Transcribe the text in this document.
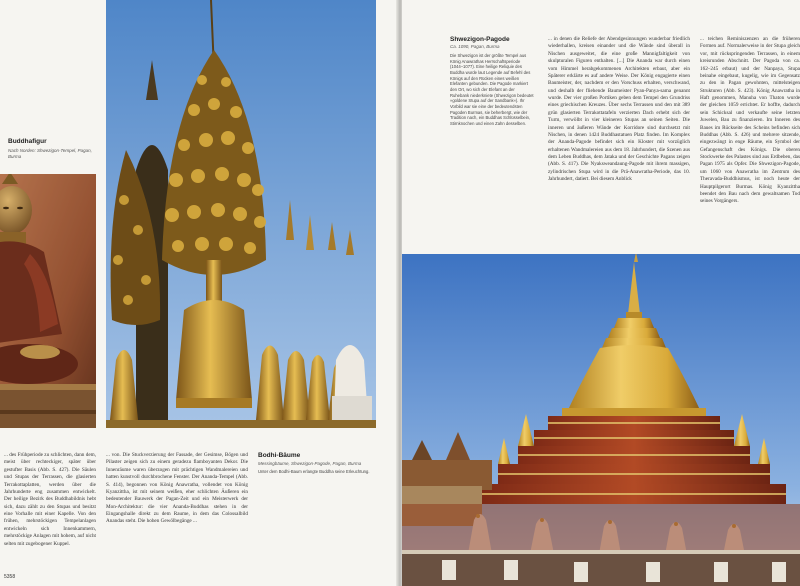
Buddhafigur
Nach Norden: Shwezigon-Tempel, Pagan, Burma
Bodhi-Bäume
Messingbäume, Shwezigon-Pagode, Pagan, Burma
Unter dem Bodhi-Baum erlangte Buddha seine Erleuchtung.

... des Frühperiode zu schlichten, dann dem, meist über rechteckiger, später über gestufter Basis (Abb. S. 427). Die Säulen und Stupas der Terrassen, die glasierten Terrakottaplatten, werden über die Jahrhunderte eng zusammen entwickelt. Der heilige Bezirk des Buddhabildnis hebt sich, dazu zählt zu den Stupas und besitzt eine Vorhalle mit einer Kapelle. Von den frühen, mehrstöckigen Tempelanlagen entwickeln sich Innenkammern, mehrstöckige Anlagen mit hohem, auf nicht selten mit zugebogener Kuppel.

... von. Die Stuckverzierung der Fassade, der Gesimse, Bögen und Pilaster zeigen sich zu einem geradezu flamboyanten Dekor. Die Innenräume waren überzogen mit prächtigen Wandmalereien und hatten kunstvoll durchbrochene Fenster. Der Ananda-Tempel (Abb. S. 414), begonnen von König Anawratha, vollendet von König Kyanzittha, ist mit seinem weißen, eher schlichten Äußeren ein bedeutender Bauwerk der Pagan-Zeit und ein Meisterwerk der Mon-Architektur: die vier Ananda-Buddhas stehen in der Eingangshalle direkt zu dem Raume, in dem das Colossalbild Anandas steht. Die hohen Gewölbegänge ...

5358
Shwezigon-Pagode
Ca. 1090, Pagan, Burma
Die Shwezigon ist der größte Tempel aus König Anawrathas Herrschaftsperiode (1044–1077). Eine heilige Reliquie des Buddha wurde laut Legende auf Befehl des Königs auf den Rücken eines weißen Elefanten gebunden. Die Pagode markiert den Ort, wo sich der Elefant an der Ruhebank niederkniete (Shwezigon bedeutet »goldene Stupa auf der Sandbank«). Ihr Vorbild war sie eine der bedeutendsten Pagoden Burmas, sie beherbergt, wie der Tradition nach, ein Buddhas Schlüsselbein, Stirnknochen und einen Zahn desselben.

... in denen die Reliefe der Abendgesinnungen wunderbar friedlich wiederhallen, kreisen einander und die Wände sind überall in Nischen ausgeweitet, die eine große Mannigfaltigkeit von skulpturalen Figuren enthalten. [...] Die Ananda war durch einen vom Himmel herabgekommenen Architekten erbaut, aber ein Späterer erklärte es auf andere Weise. Der König engagierte einen Baumeister, der, nachdem er den Vorschuss erhalten, verschwand, und deshalb der fliehende Baumeister Pyan-Panya-sama genannt wurde. Der vier großen Portiken geben dem Tempel den Grundriss eines griechischen Kreuzes. Über sechs Terrassen und den mit 389 grün glasierten Terrakottatafeln verzierten Dach erhebt sich der Turm, verwölbt in vier kleineren Stupas an seinen Seiten. Die inneren und äußeren Wände der Korridore sind durchsetzt mit Nischen, in denen 1424 Buddhastatuen Platz finden. Im Komplex der Ananda-Pagode befindet sich ein Kloster mit vorzüglich erhaltenen Wandmalereien aus dem 18. Jahrhundert, die Szenen aus dem Leben Buddhas, dem Jataka und der Geschichte Pagans zeigen (Abb. S. 417). Die Nyaksweandaung-Pagode mit ihrem massigen, zylindrischen Stupa wird in die Prä-Anawratha-Periode, das 10. Jahrhundert, datiert. Bei diesem Anblick

... teichen Reminiszenzen an die früheren Formen auf. Normalerweise in der Stupa gleich vor, mit rückspringenden Terrassen, in einem kreisrunden Abschnitt. Der Pagoda von ca. 162–245 erbaut) und der Nanpaya, Stupa beinahe eingebaut, kugelig, wie im Gegensatz zu den in Pagan gewohnten, mittelsteigen Strukturen (Abb. S. 423). König Anawratha in Haft genommen, Manuha von Thaton wurde der gleichen 1059 errichtet. Er hoffte, dadurch sein Schicksal und verkaufte seine letzten Juwelen, Bau zu finanzieren. Im Inneren des Baues im Rückseite des Scheins befinden sich Buddhas (Abb. S. 426) und mehrere sitzende, eingezwängt in enge Räume, ein Symbol der Gefangenschaft des Königs. Die oberen Stockwerke des Palastes sind aus Erdbeben, das Pagan 1975 als Opfer. Die Shwezigon-Pagode, um 1060 von Anawratha im Zentrum des Theravada-Buddhismus, ist noch heute der Hauptpilgerort Burmas. König Kyanzittha beendet den Bau nach dem gewaltsamen Tod seines Vorgängers.
